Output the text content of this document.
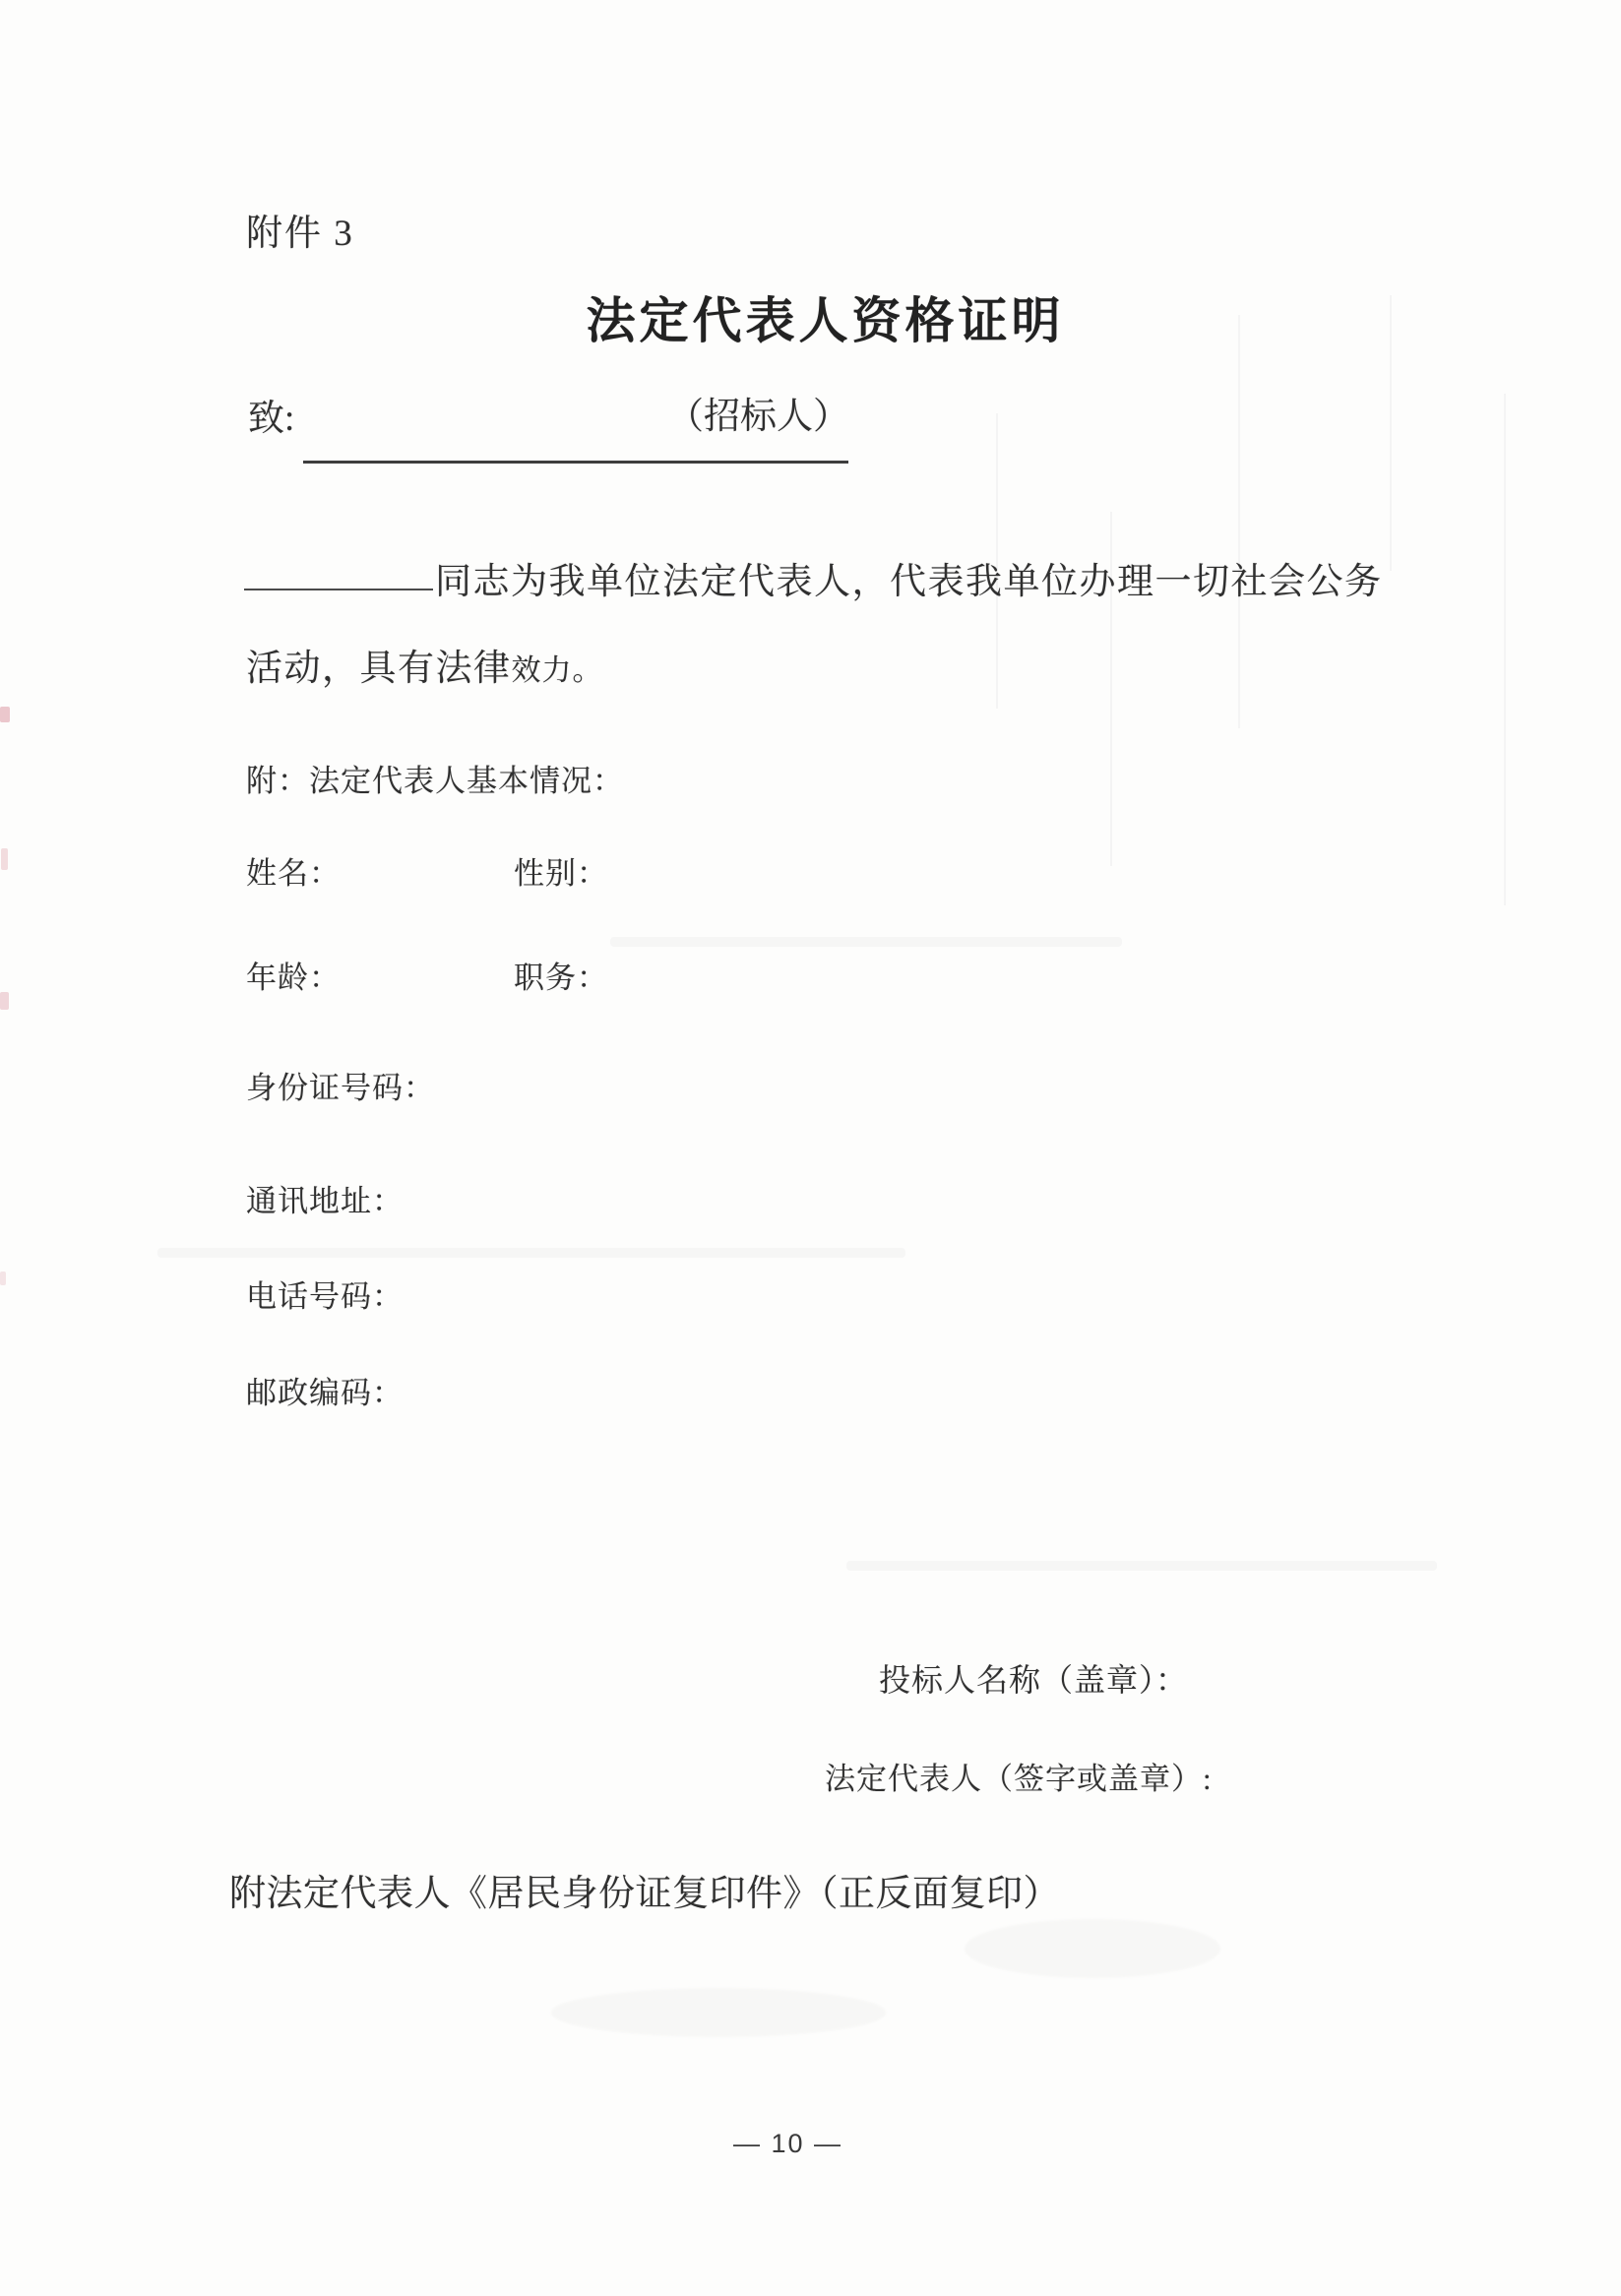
附件 3
法定代表人资格证明
致:	（招标人）
同志为我单位法定代表人，代表我单位办理一切社会公务
活动，具有法律效力。
附：法定代表人基本情况：
姓名：	性别：
年龄：	职务：
身份证号码：
通讯地址：
电话号码：
邮政编码：
投标人名称（盖章）：
法定代表人（签字或盖章）:
附法定代表人《居民身份证复印件》（正反面复印）
— 10 —
